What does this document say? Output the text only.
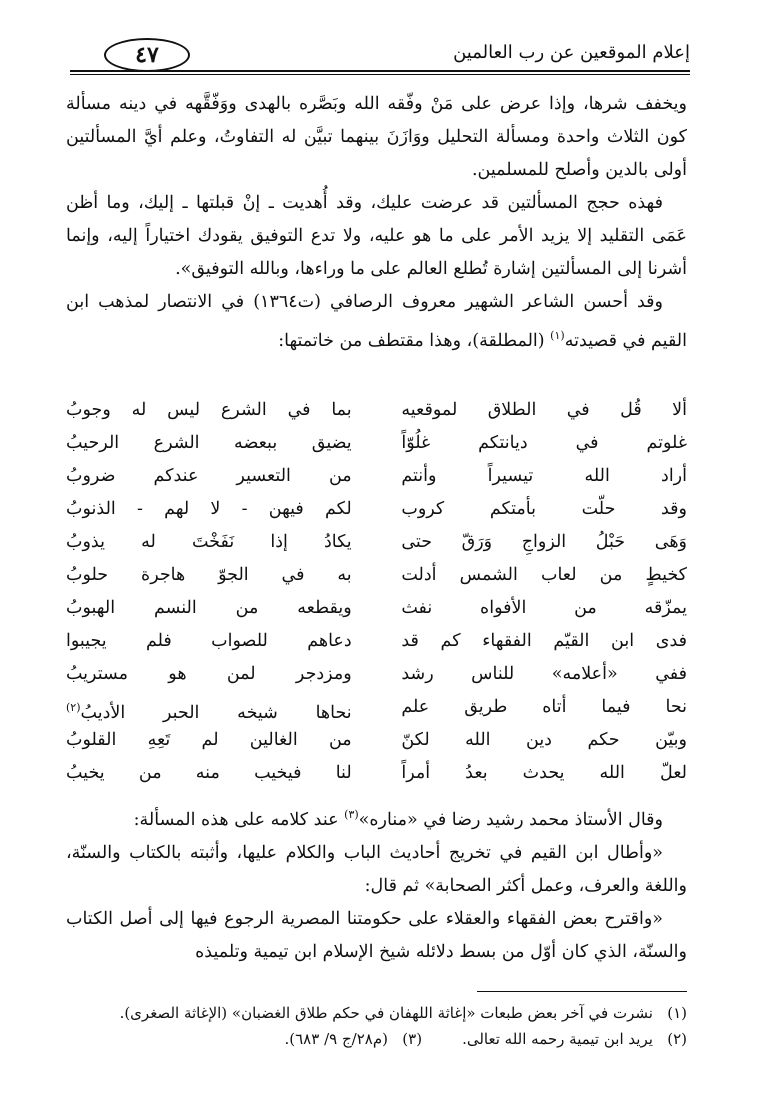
إعلام الموقعين عن رب العالمين
٤٧

ويخفف شرها، وإذا عرض على مَنْ وفّقه الله وبَصَّره بالهدى ووَفّقَّهه في دينه مسألة كون الثلاث واحدة ومسألة التحليل ووَازَنَ بينهما تبيَّن له التفاوتُ، وعلم أيَّ المسألتين أولى بالدين وأصلح للمسلمين.

فهذه حجج المسألتين قد عرضت عليك، وقد أُهديت ـ إنْ قبلتها ـ إليك، وما أظن عَمَى التقليد إلا يزيد الأمر على ما هو عليه، ولا تدع التوفيق يقودك اختياراً إليه، وإنما أشرنا إلى المسألتين إشارة تُطلع العالم على ما وراءها، وبالله التوفيق».

وقد أحسن الشاعر الشهير معروف الرصافي (ت١٣٦٤) في الانتصار لمذهب ابن القيم في قصيدته$^{(١)}$ (المطلقة)، وهذا مقتطف من خاتمتها:

ألا قُل في الطلاق لموقعيه
بما في الشرع ليس له وجوبُ
غلوتم في ديانتكم غلُوّاً
يضيق ببعضه الشرع الرحيبُ
أراد الله تيسيراً وأنتم
من التعسير عندكم ضروبُ
وقد حلّت بأمتكم كروب
لكم فيهن - لا لهم - الذنوبُ
وَهَى حَبْلُ الزواجِ وَرَقّ حتى
يكادُ إذا نَفَخْتَ له يذوبُ
كخيطٍ من لعاب الشمس أدلت
به في الجوّ هاجرة حلوبُ
يمزّقه من الأفواه نفث
ويقطعه من النسم الهبوبُ
فدى ابن القيّم الفقهاء كم قد
دعاهم للصواب فلم يجيبوا
ففي «أعلامه» للناس رشد
ومزدجر لمن هو مستريبُ
نحا فيما أتاه طريق علم
نحاها شيخه الحبر الأديبُ$^{(٢)}$
وبيّن حكم دين الله لكنّ
من الغالين لم تَعِهِ القلوبُ
لعلّ الله يحدث بعدُ أمراً
لنا فيخيب منه من يخيبُ

وقال الأستاذ محمد رشيد رضا في «مناره»$^{(٣)}$ عند كلامه على هذه المسألة:

«وأطال ابن القيم في تخريج أحاديث الباب والكلام عليها، وأثبته بالكتاب والسنّة، واللغة والعرف، وعمل أكثر الصحابة» ثم قال:

«واقترح بعض الفقهاء والعقلاء على حكومتنا المصرية الرجوع فيها إلى أصل الكتاب والسنّة، الذي كان أوّل من بسط دلائله شيخ الإسلام ابن تيمية وتلميذه

(١)

نشرت في آخر بعض طبعات «إغاثة اللهفان في حكم طلاق الغضبان» (الإغاثة الصغرى).
(٢)

يريد ابن تيمية رحمه الله تعالى.
(٣)

(م٢٨/ج ٩/ ٦٨٣).
